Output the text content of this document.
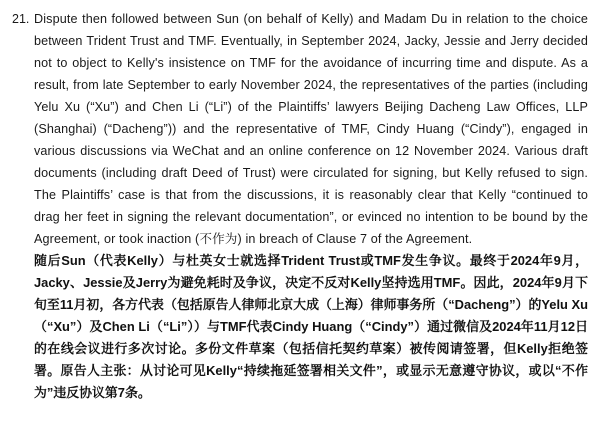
21. Dispute then followed between Sun (on behalf of Kelly) and Madam Du in relation to the choice between Trident Trust and TMF. Eventually, in September 2024, Jacky, Jessie and Jerry decided not to object to Kelly's insistence on TMF for the avoidance of incurring time and dispute. As a result, from late September to early November 2024, the representatives of the parties (including Yelu Xu (“Xu”) and Chen Li (“Li”) of the Plaintiffs’ lawyers Beijing Dacheng Law Offices, LLP (Shanghai) (“Dacheng”)) and the representative of TMF, Cindy Huang (“Cindy”), engaged in various discussions via WeChat and an online conference on 12 November 2024. Various draft documents (including draft Deed of Trust) were circulated for signing, but Kelly refused to sign. The Plaintiffs’ case is that from the discussions, it is reasonably clear that Kelly “continued to drag her feet in signing the relevant documentation”, or evinced no intention to be bound by the Agreement, or took inaction (不作为) in breach of Clause 7 of the Agreement.
随后Sun（代表Kelly）与杜英女士就选择Trident Trust或TMF发生争议。最终于2024年9月，Jacky、Jessie及Jerry为避免耗时及争议，决定不反对Kelly坚持选用TMF。因此，2024年9月下旬至11月初，各方代表（包括原告人律师北京大成（上海）律师事务所（“Dacheng”）的Yelu Xu（“Xu”）及Chen Li（“Li”））与TMF代表Cindy Huang（“Cindy”）通过微信及2024年11月12日的在线会议进行多次讨论。多份文件草案（包括信托契约草案）被传阅请签署，但Kelly拒绝签署。原告人主张：从讨论可见Kelly“持续拖延签署相关文件”，或显示无意遵守协议，或以“不作为”违反协议第7条。
